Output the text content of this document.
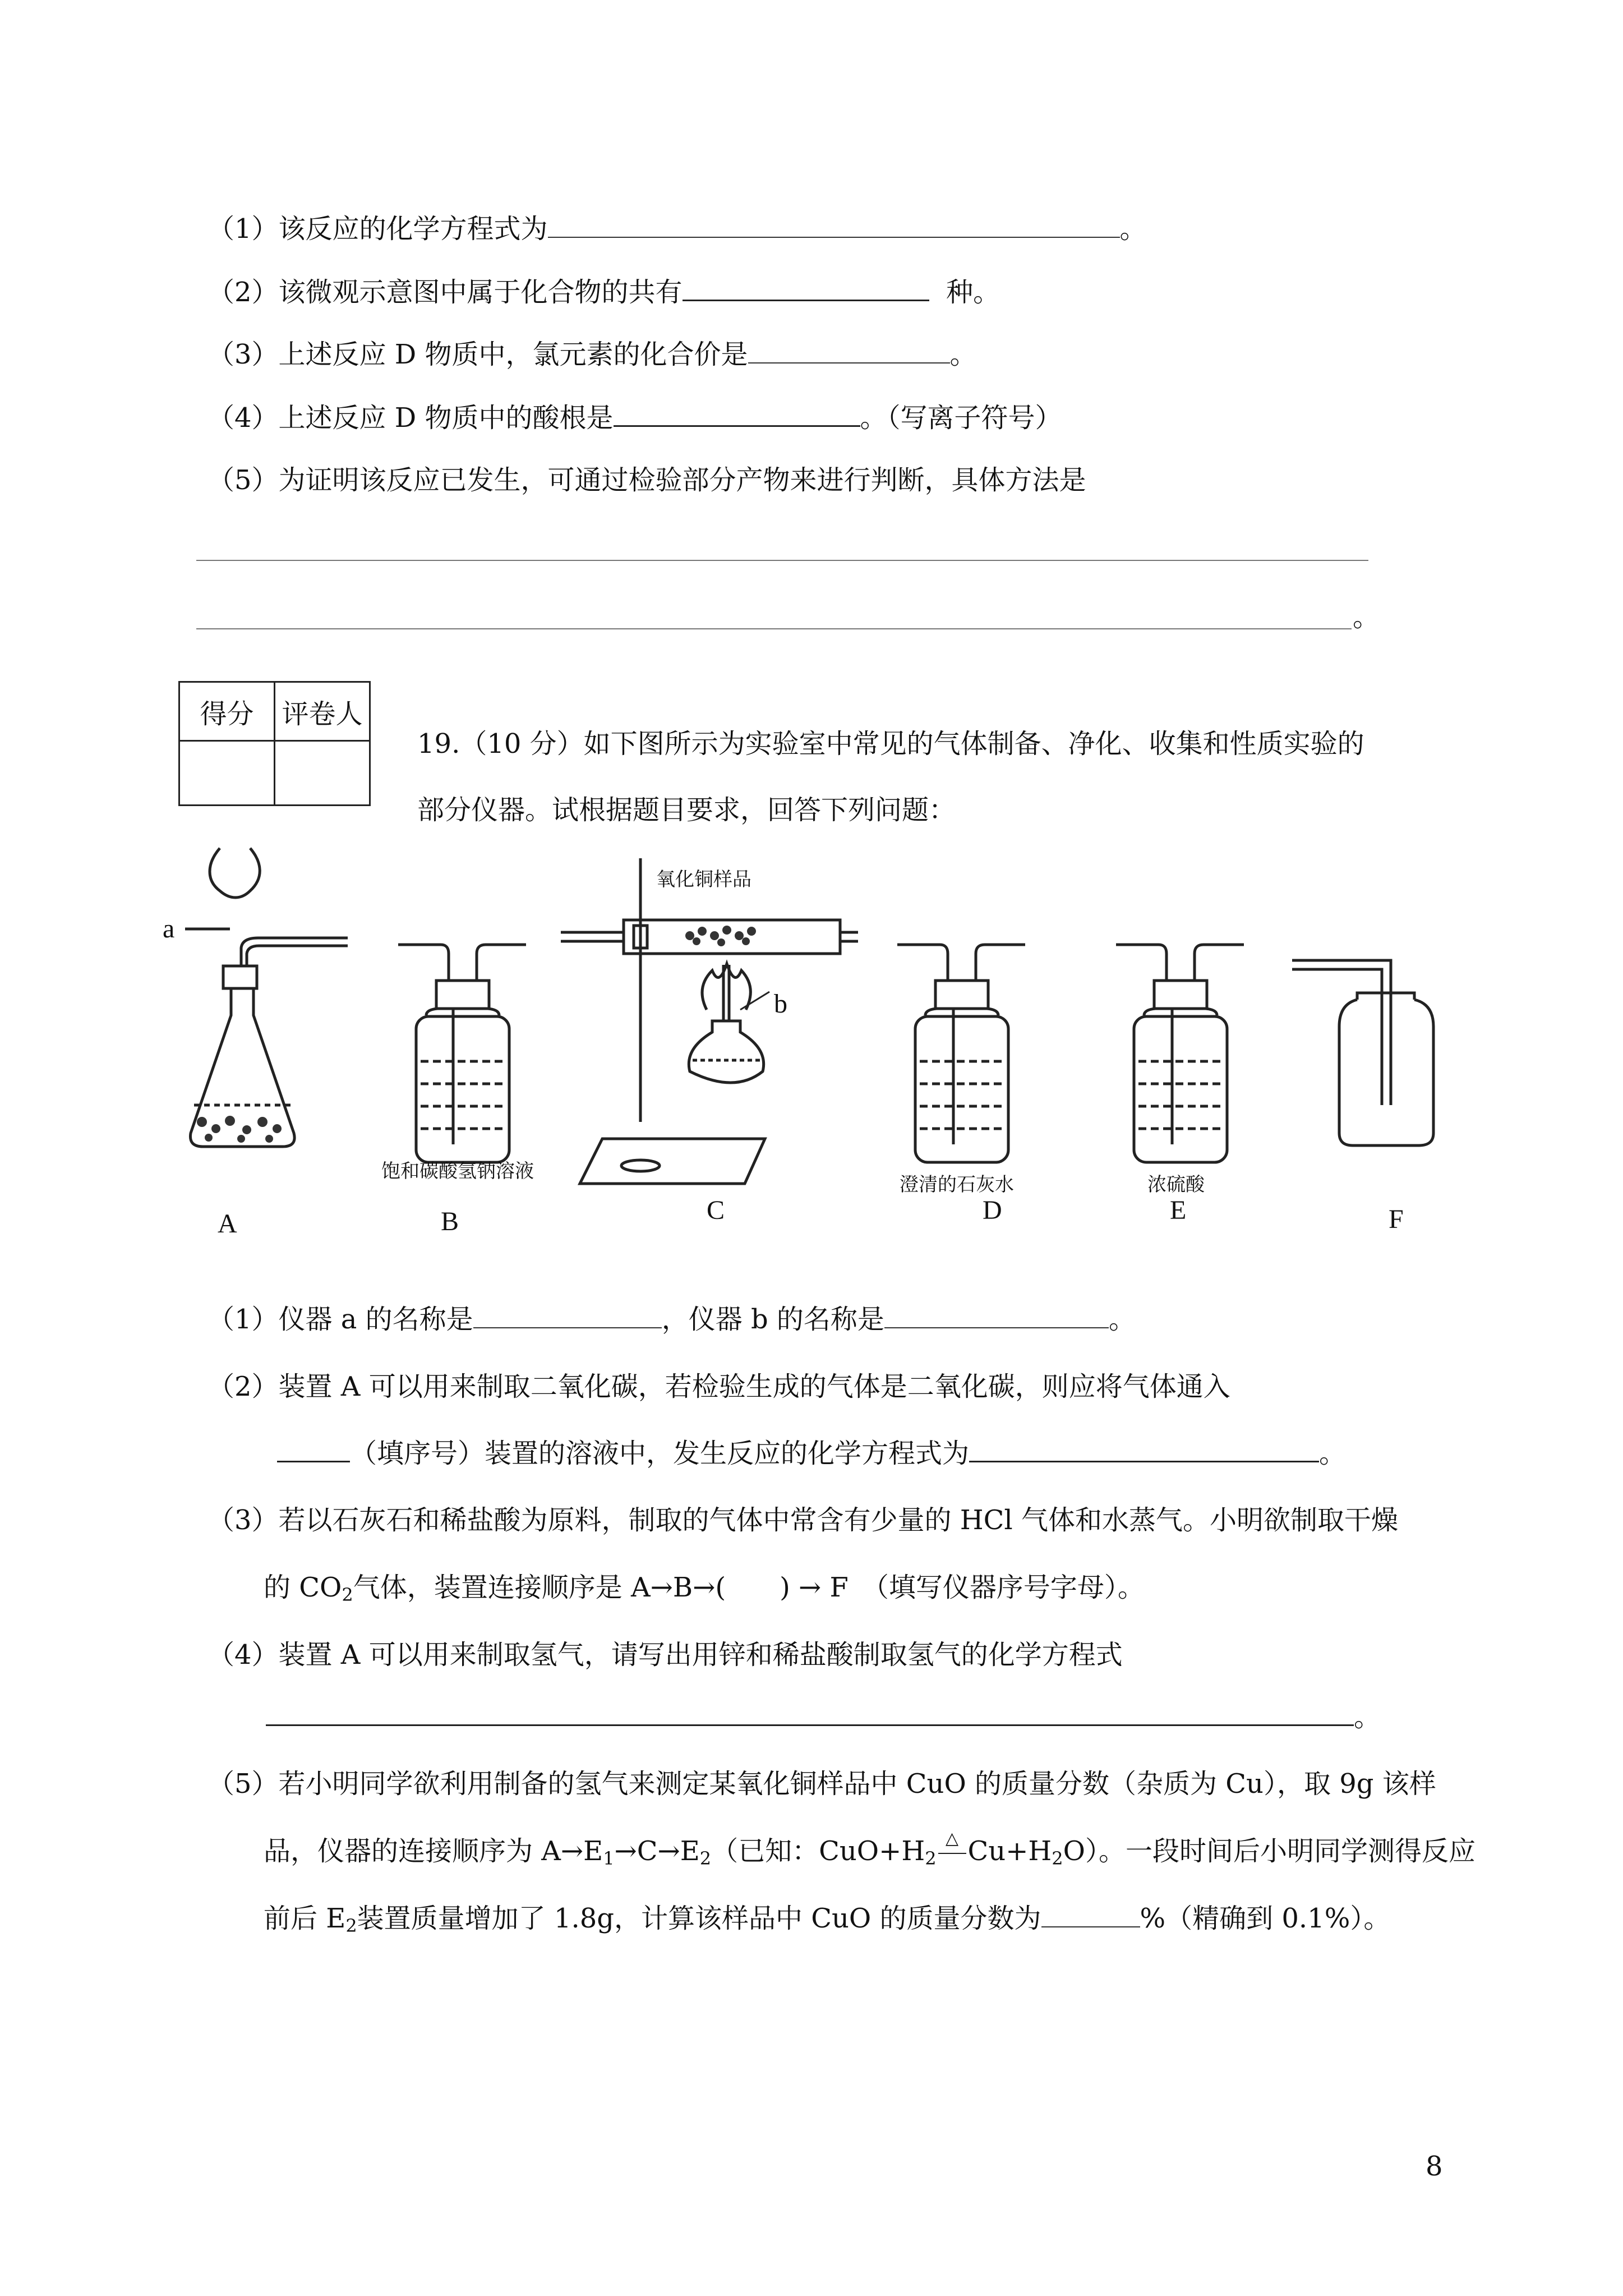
（1）该反应的化学方程式为	。
（2）该微观示意图中属于化合物的共有	种。
（3）上述反应 D 物质中，氯元素的化合价是	。
（4）上述反应 D 物质中的酸根是	。（写离子符号）
（5）为证明该反应已发生，可通过检验部分产物来进行判断，具体方法是
。
得分	评卷人

19.（10 分）如下图所示为实验室中常见的气体制备、净化、收集和性质实验的
部分仪器。试根据题目要求，回答下列问题：
a
b
氧化铜样品
饱和碳酸氢钠溶液
澄清的石灰水	浓硫酸
A	B	C	D	E	F
（1）仪器 a 的名称是	，仪器 b 的名称是	。
（2）装置 A 可以用来制取二氧化碳，若检验生成的气体是二氧化碳，则应将气体通入
（填序号）装置的溶液中，发生反应的化学方程式为	。
（3）若以石灰石和稀盐酸为原料，制取的气体中常含有少量的 HCl 气体和水蒸气。小明欲制取干燥
的 $CO_2$气体，装置连接顺序是 A→B→(　　) → F　（填写仪器序号字母）。
（4）装置 A 可以用来制取氢气，请写出用锌和稀盐酸制取氢气的化学方程式
。
（5）若小明同学欲利用制备的氢气来测定某氧化铜样品中 CuO 的质量分数（杂质为 Cu），取 9g 该样
品，仪器的连接顺序为 $A\to E_1\to C\to E_2$（已知：$CuO+H_2$
△ $Cu+H_2O$）。一段时间后小明同学测得反应
前后 $E_2$装置质量增加了 1.8g，计算该样品中 CuO 的质量分数为	%（精确到 0.1%）。
8
